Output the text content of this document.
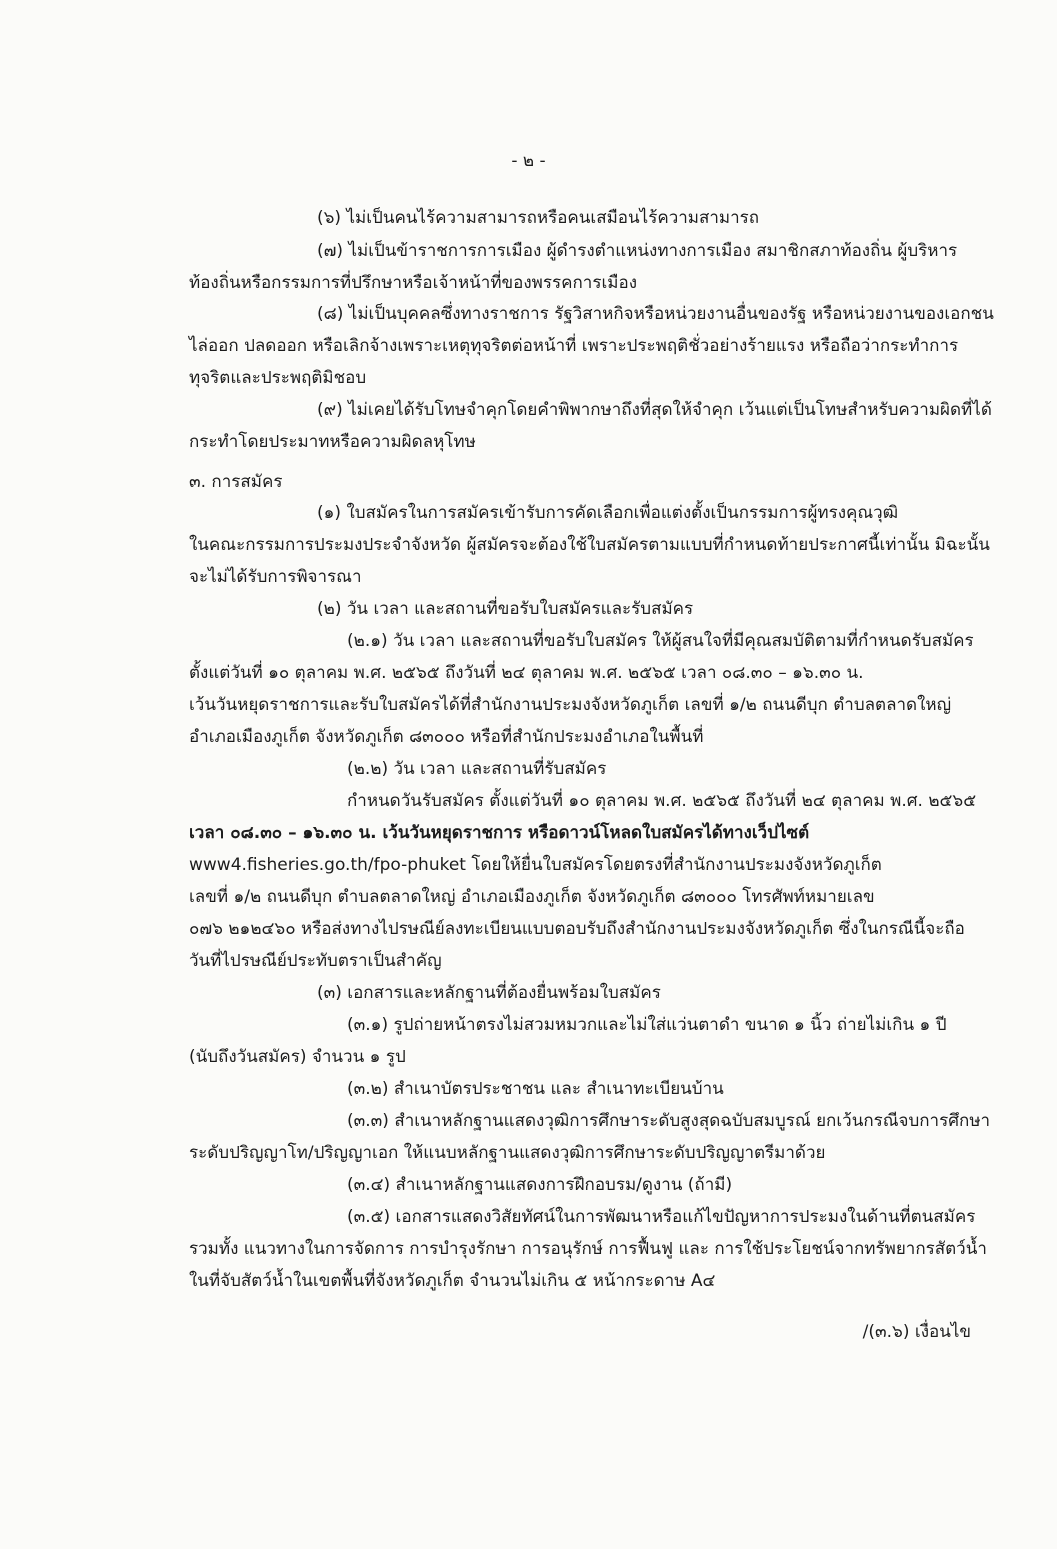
- ๒ -
(๖) ไม่เป็นคนไร้ความสามารถหรือคนเสมือนไร้ความสามารถ
(๗) ไม่เป็นข้าราชการการเมือง ผู้ดำรงตำแหน่งทางการเมือง สมาชิกสภาท้องถิ่น ผู้บริหาร
ท้องถิ่นหรือกรรมการที่ปรึกษาหรือเจ้าหน้าที่ของพรรคการเมือง
(๘) ไม่เป็นบุคคลซึ่งทางราชการ รัฐวิสาหกิจหรือหน่วยงานอื่นของรัฐ หรือหน่วยงานของเอกชน
ไล่ออก ปลดออก หรือเลิกจ้างเพราะเหตุทุจริตต่อหน้าที่ เพราะประพฤติชั่วอย่างร้ายแรง หรือถือว่ากระทำการ
ทุจริตและประพฤติมิชอบ
(๙) ไม่เคยได้รับโทษจำคุกโดยคำพิพากษาถึงที่สุดให้จำคุก เว้นแต่เป็นโทษสำหรับความผิดที่ได้
กระทำโดยประมาทหรือความผิดลหุโทษ
๓. การสมัคร
(๑) ใบสมัครในการสมัครเข้ารับการคัดเลือกเพื่อแต่งตั้งเป็นกรรมการผู้ทรงคุณวุฒิ
ในคณะกรรมการประมงประจำจังหวัด ผู้สมัครจะต้องใช้ใบสมัครตามแบบที่กำหนดท้ายประกาศนี้เท่านั้น มิฉะนั้น
จะไม่ได้รับการพิจารณา
(๒) วัน เวลา และสถานที่ขอรับใบสมัครและรับสมัคร
(๒.๑) วัน เวลา และสถานที่ขอรับใบสมัคร ให้ผู้สนใจที่มีคุณสมบัติตามที่กำหนดรับสมัคร
ตั้งแต่วันที่ ๑๐ ตุลาคม พ.ศ. ๒๕๖๕ ถึงวันที่ ๒๔ ตุลาคม พ.ศ. ๒๕๖๕ เวลา ๐๘.๓๐ – ๑๖.๓๐ น.
เว้นวันหยุดราชการและรับใบสมัครได้ที่สำนักงานประมงจังหวัดภูเก็ต เลขที่ ๑/๒ ถนนดีบุก ตำบลตลาดใหญ่
อำเภอเมืองภูเก็ต จังหวัดภูเก็ต ๘๓๐๐๐ หรือที่สำนักประมงอำเภอในพื้นที่
(๒.๒) วัน เวลา และสถานที่รับสมัคร
กำหนดวันรับสมัคร ตั้งแต่วันที่ ๑๐ ตุลาคม พ.ศ. ๒๕๖๕ ถึงวันที่ ๒๔ ตุลาคม พ.ศ. ๒๕๖๕
เวลา ๐๘.๓๐ – ๑๖.๓๐ น. เว้นวันหยุดราชการ หรือดาวน์โหลดใบสมัครได้ทางเว็ปไซต์
www4.fisheries.go.th/fpo-phuket โดยให้ยื่นใบสมัครโดยตรงที่สำนักงานประมงจังหวัดภูเก็ต
เลขที่ ๑/๒ ถนนดีบุก ตำบลตลาดใหญ่ อำเภอเมืองภูเก็ต จังหวัดภูเก็ต ๘๓๐๐๐ โทรศัพท์หมายเลข
๐๗๖ ๒๑๒๔๖๐ หรือส่งทางไปรษณีย์ลงทะเบียนแบบตอบรับถึงสำนักงานประมงจังหวัดภูเก็ต ซึ่งในกรณีนี้จะถือ
วันที่ไปรษณีย์ประทับตราเป็นสำคัญ
(๓) เอกสารและหลักฐานที่ต้องยื่นพร้อมใบสมัคร
(๓.๑) รูปถ่ายหน้าตรงไม่สวมหมวกและไม่ใส่แว่นตาดำ ขนาด ๑ นิ้ว ถ่ายไม่เกิน ๑ ปี
(นับถึงวันสมัคร) จำนวน ๑ รูป
(๓.๒) สำเนาบัตรประชาชน และ สำเนาทะเบียนบ้าน
(๓.๓) สำเนาหลักฐานแสดงวุฒิการศึกษาระดับสูงสุดฉบับสมบูรณ์ ยกเว้นกรณีจบการศึกษา
ระดับปริญญาโท/ปริญญาเอก ให้แนบหลักฐานแสดงวุฒิการศึกษาระดับปริญญาตรีมาด้วย
(๓.๔) สำเนาหลักฐานแสดงการฝึกอบรม/ดูงาน (ถ้ามี)
(๓.๕) เอกสารแสดงวิสัยทัศน์ในการพัฒนาหรือแก้ไขปัญหาการประมงในด้านที่ตนสมัคร
รวมทั้ง แนวทางในการจัดการ การบำรุงรักษา การอนุรักษ์ การฟื้นฟู และ การใช้ประโยชน์จากทรัพยากรสัตว์น้ำ
ในที่จับสัตว์น้ำในเขตพื้นที่จังหวัดภูเก็ต จำนวนไม่เกิน ๕ หน้ากระดาษ A๔
/(๓.๖) เงื่อนไข
